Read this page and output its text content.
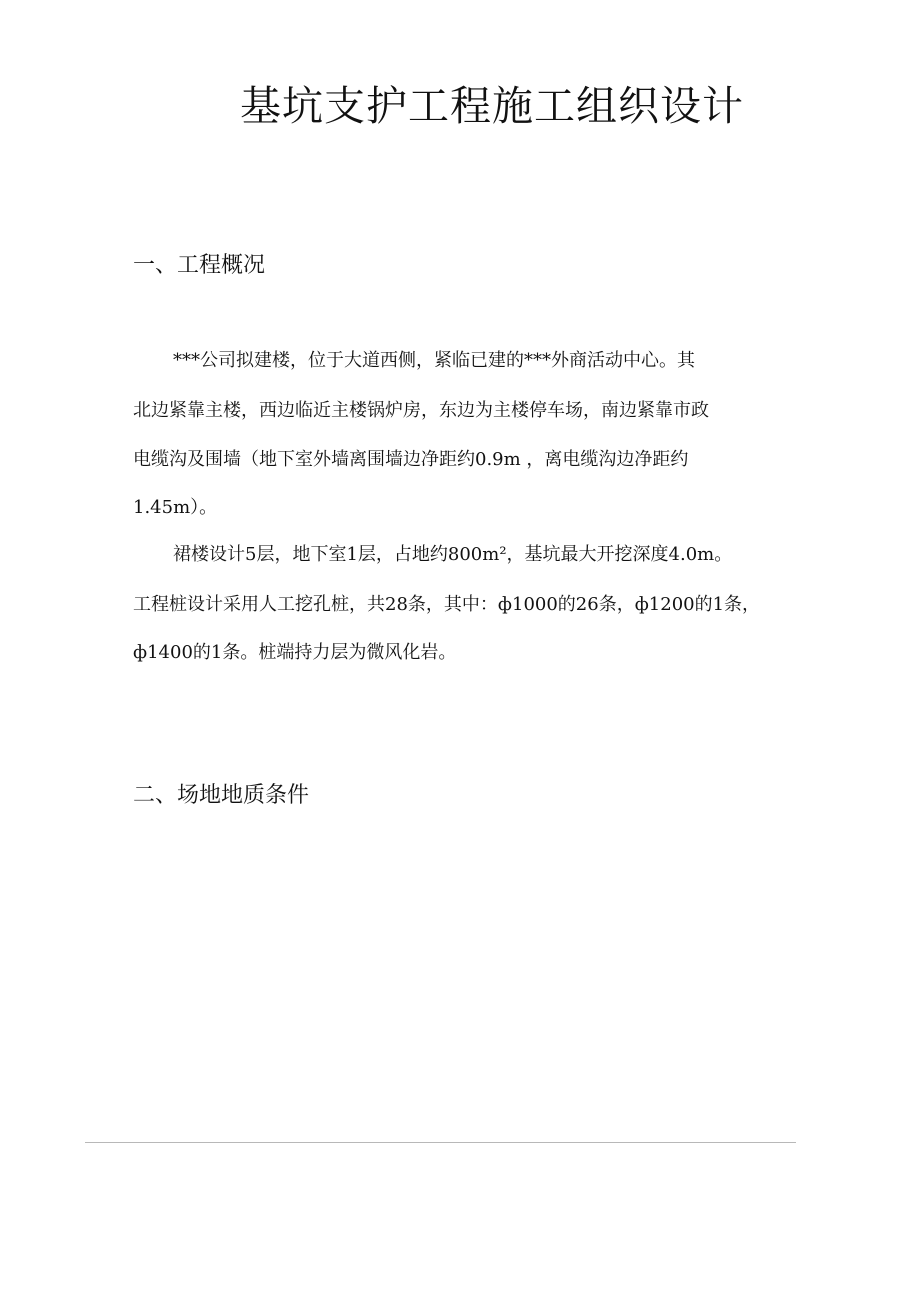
基坑支护工程施工组织设计
一、工程概况
***公司拟建楼，位于大道西侧，紧临已建的***外商活动中心。其
北边紧靠主楼，西边临近主楼锅炉房，东边为主楼停车场，南边紧靠市政
电缆沟及围墙（地下室外墙离围墙边净距约0.9m ，离电缆沟边净距约
1.45m）。
裙楼设计5层，地下室1层，占地约800m²，基坑最大开挖深度4.0m。
工程桩设计采用人工挖孔桩，共28条，其中：ф1000的26条，ф1200的1条，
ф1400的1条。桩端持力层为微风化岩。
二、场地地质条件
